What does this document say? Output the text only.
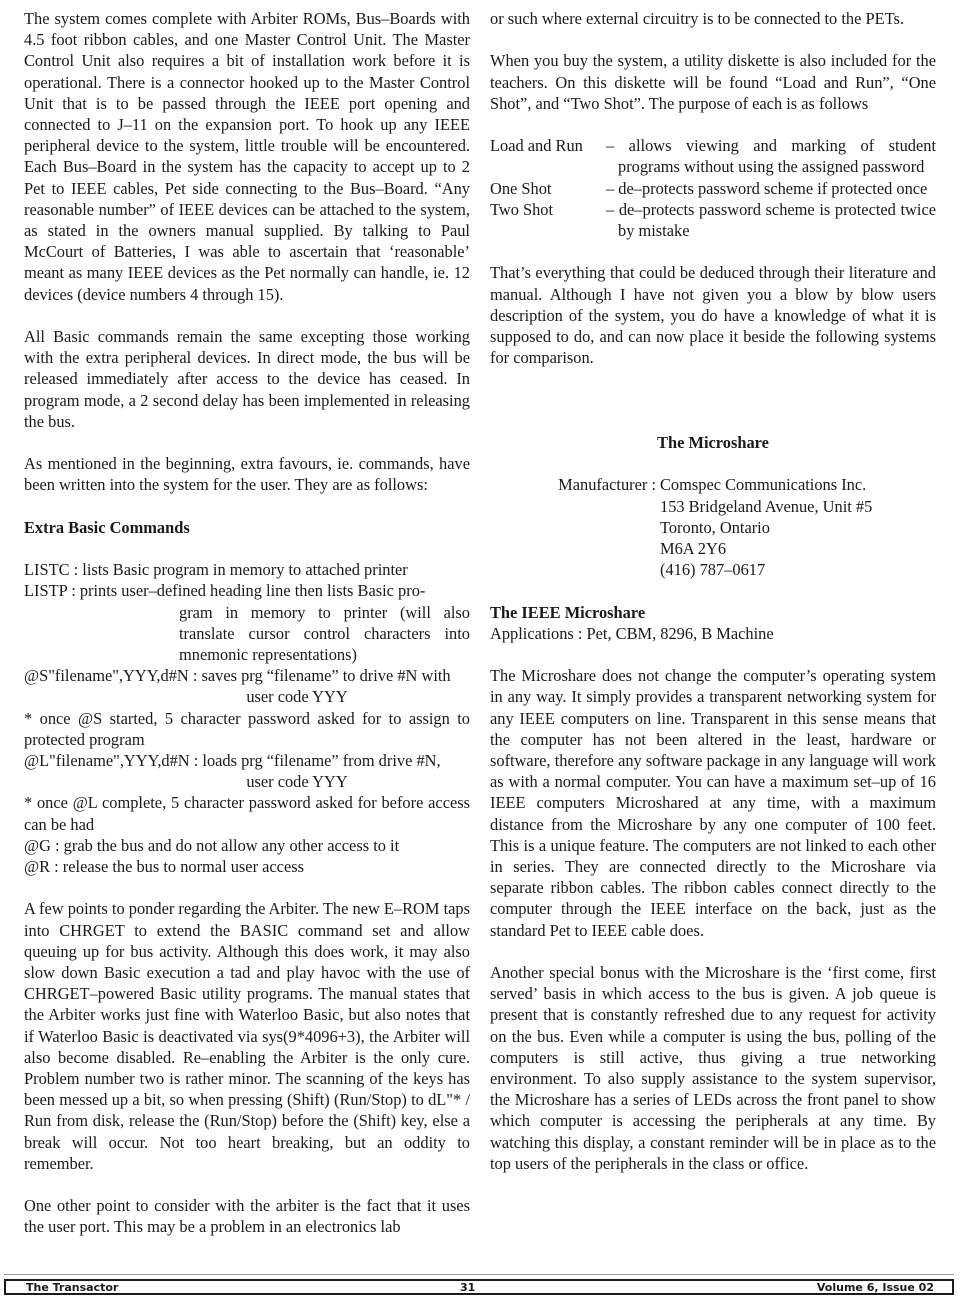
The system comes complete with Arbiter ROMs, Bus–Boards with 4.5 foot ribbon cables, and one Master Control Unit. The Master Control Unit also requires a bit of installation work before it is operational. There is a connector hooked up to the Master Control Unit that is to be passed through the IEEE port opening and connected to J–11 on the expansion port. To hook up any IEEE peripheral device to the system, little trouble will be encountered. Each Bus–Board in the system has the capacity to accept up to 2 Pet to IEEE cables, Pet side connecting to the Bus–Board. “Any reasonable number” of IEEE devices can be attached to the system, as stated in the owners manual supplied. By talking to Paul McCourt of Batteries, I was able to ascertain that ‘reasonable’ meant as many IEEE devices as the Pet normally can handle, ie. 12 devices (device numbers 4 through 15).

All Basic commands remain the same excepting those working with the extra peripheral devices. In direct mode, the bus will be released immediately after access to the device has ceased. In program mode, a 2 second delay has been implemented in releasing the bus.

As mentioned in the beginning, extra favours, ie. commands, have been written into the system for the user. They are as follows:

Extra Basic Commands
LISTC : lists Basic program in memory to attached printer
LISTP : prints user–defined heading line then lists Basic pro-
gram in memory to printer (will also translate cursor control characters into mnemonic representations)
@S"filename",YYY,d#N : saves prg “filename” to drive #N with
user code YYY
* once @S started, 5 character password asked for to assign to protected program
@L"filename",YYY,d#N : loads prg “filename” from drive #N,
user code YYY
* once @L complete, 5 character password asked for before access can be had
@G : grab the bus and do not allow any other access to it
@R : release the bus to normal user access

A few points to ponder regarding the Arbiter. The new E–ROM taps into CHRGET to extend the BASIC command set and allow queuing up for bus activity. Although this does work, it may also slow down Basic execution a tad and play havoc with the use of CHRGET–powered Basic utility programs. The manual states that the Arbiter works just fine with Waterloo Basic, but also notes that if Waterloo Basic is deactivated via sys(9*4096+3), the Arbiter will also become disabled. Re–enabling the Arbiter is the only cure. Problem number two is rather minor. The scanning of the keys has been messed up a bit, so when pressing (Shift) (Run/Stop) to dL"* / Run from disk, release the (Run/Stop) before the (Shift) key, else a break will occur. Not too heart breaking, but an oddity to remember.

One other point to consider with the arbiter is the fact that it uses the user port. This may be a problem in an electronics lab

or such where external circuitry is to be connected to the PETs.

When you buy the system, a utility diskette is also included for the teachers. On this diskette will be found “Load and Run”, “One Shot”, and “Two Shot”. The purpose of each is as follows

Load and Run	– allows viewing and marking of student programs without using the assigned password
One Shot	– de–protects password scheme if protected once
Two Shot	– de–protects password scheme is protected twice by mistake

That’s everything that could be deduced through their literature and manual. Although I have not given you a blow by blow users description of the system, you do have a knowledge of what it is supposed to do, and can now place it beside the following systems for comparison.

The Microshare
Manufacturer : Comspec Communications Inc.
153 Bridgeland Avenue, Unit #5
Toronto, Ontario
M6A 2Y6
(416) 787–0617
The IEEE Microshare

Applications : Pet, CBM, 8296, B Machine

The Microshare does not change the computer’s operating system in any way. It simply provides a transparent networking system for any IEEE computers on line. Transparent in this sense means that the computer has not been altered in the least, hardware or software, therefore any software package in any language will work as with a normal computer. You can have a maximum set–up of 16 IEEE computers Microshared at any time, with a maximum distance from the Microshare by any one computer of 100 feet. This is a unique feature. The computers are not linked to each other in series. They are connected directly to the Microshare via separate ribbon cables. The ribbon cables connect directly to the computer through the IEEE interface on the back, just as the standard Pet to IEEE cable does.

Another special bonus with the Microshare is the ‘first come, first served’ basis in which access to the bus is given. A job queue is present that is constantly refreshed due to any request for activity on the bus. Even while a computer is using the bus, polling of the computers is still active, thus giving a true networking environment. To also supply assistance to the system supervisor, the Microshare has a series of LEDs across the front panel to show which computer is accessing the peripherals at any time. By watching this display, a constant reminder will be in place as to the top users of the peripherals in the class or office.

The Transactor	31	Volume 6, Issue 02
